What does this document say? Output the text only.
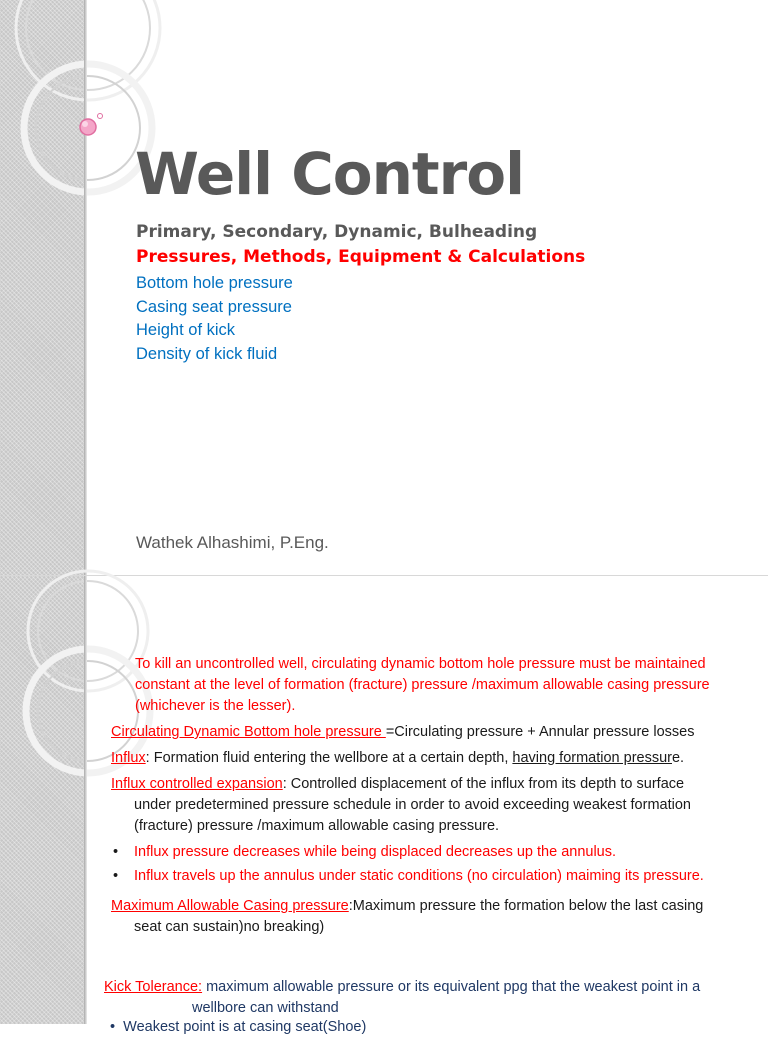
Well Control
Primary, Secondary, Dynamic, Bulheading
Pressures, Methods, Equipment & Calculations
Bottom hole pressure
Casing seat pressure
Height of kick
Density of kick fluid
Wathek Alhashimi, P.Eng.
To kill an uncontrolled well, circulating dynamic bottom hole pressure must be maintained
constant at the level of formation (fracture) pressure /maximum allowable casing pressure
(whichever is the lesser).
Circulating Dynamic Bottom hole pressure =Circulating pressure + Annular pressure losses
Influx: Formation fluid entering the wellbore at a certain depth, having formation pressure.
Influx controlled expansion: Controlled displacement of the influx from its depth to surface
under predetermined pressure schedule in order to avoid exceeding weakest formation
(fracture) pressure /maximum allowable casing pressure.
• Influx pressure decreases while being displaced decreases up the annulus.
• Influx travels up the annulus under static conditions (no circulation) maiming its pressure.
Maximum Allowable Casing pressure:Maximum pressure the formation below the last casing
seat can sustain)no breaking)
Kick Tolerance: maximum allowable pressure or its equivalent ppg that the weakest point in a
wellbore can withstand
•  Weakest point is at casing seat(Shoe)
